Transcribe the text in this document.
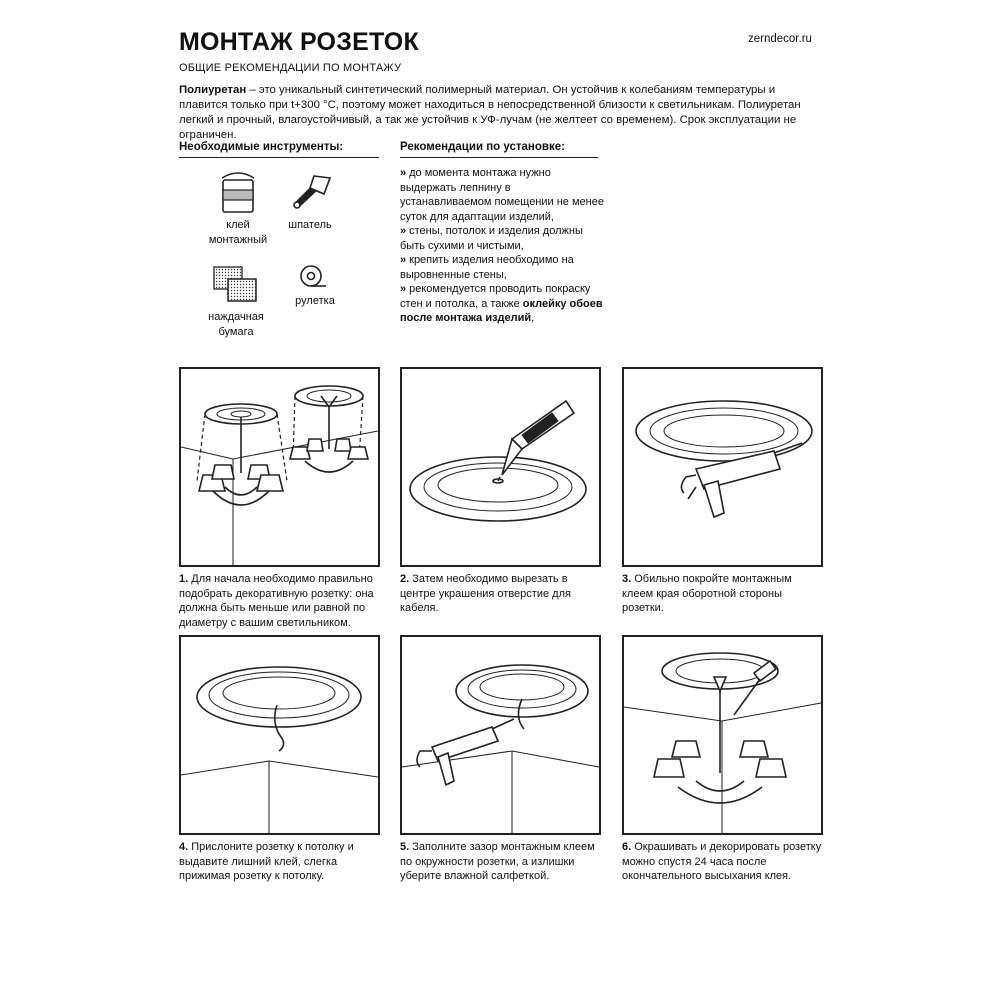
МОНТАЖ РОЗЕТОК
ОБЩИЕ РЕКОМЕНДАЦИИ ПО МОНТАЖУ
zerndecor.ru
Полиуретан – это уникальный синтетический полимерный материал. Он устойчив к колебаниям температуры и плавится только при t+300 °С, поэтому может находиться в непосредственной близости к светильникам. Полиуретан легкий и прочный, влагоустойчивый, а так же устойчив к УФ-лучам (не желтеет со временем). Срок эксплуатации не ограничен.
Необходимые инструменты:
клей монтажный
шпатель
наждачная бумага
рулетка
Рекомендации по установке:
» до момента монтажа нужно выдержать лепнину в устанавливаемом помещении не менее суток для адаптации изделий,
» стены, потолок и изделия должны быть сухими и чистыми,
» крепить изделия необходимо на выровненные стены,
» рекомендуется проводить покраску стен и потолка, а также оклейку обоев после монтажа изделий,
1. Для начала необходимо правильно подобрать декоративную розетку: она должна быть меньше или равной по диаметру с вашим светильником.
2. Затем необходимо вырезать в центре украшения отверстие для кабеля.
3. Обильно покройте монтажным клеем края оборотной стороны розетки.
4. Прислоните розетку к потолку и выдавите лишний клей, слегка прижимая розетку к потолку.
5. Заполните зазор монтажным клеем по окружности розетки, а излишки уберите влажной салфеткой.
6. Окрашивать и декорировать розетку можно спустя 24 часа после окончательного высыхания клея.
